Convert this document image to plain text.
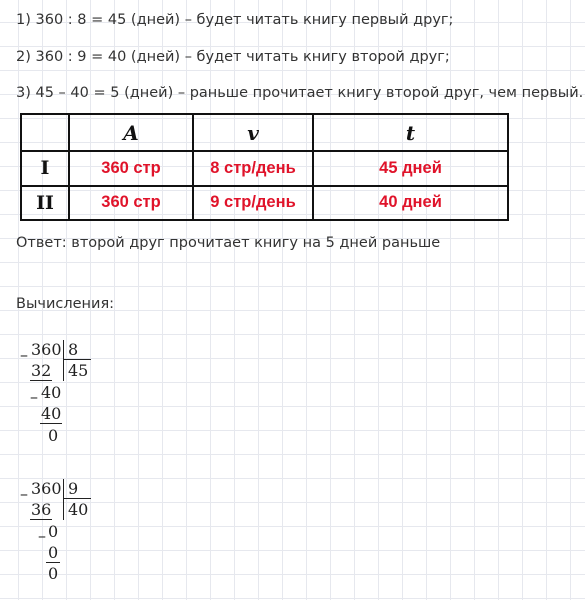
1) 360 : 8 = 45 (дней) – будет читать книгу первый друг;
2) 360 : 9 = 40 (дней) – будет читать книгу второй друг;
3) 45 – 40 = 5 (дней) – раньше прочитает книгу второй друг, чем первый.
	A	v	t
I	360 стр	8 стр/день	45 дней
II	360 стр	9 стр/день	40 дней
Ответ: второй друг прочитает книгу на 5 дней раньше
Вычисления:
– 360 8
45
32
– 40
40
0
– 360 9
40
36
– 0
0
0
